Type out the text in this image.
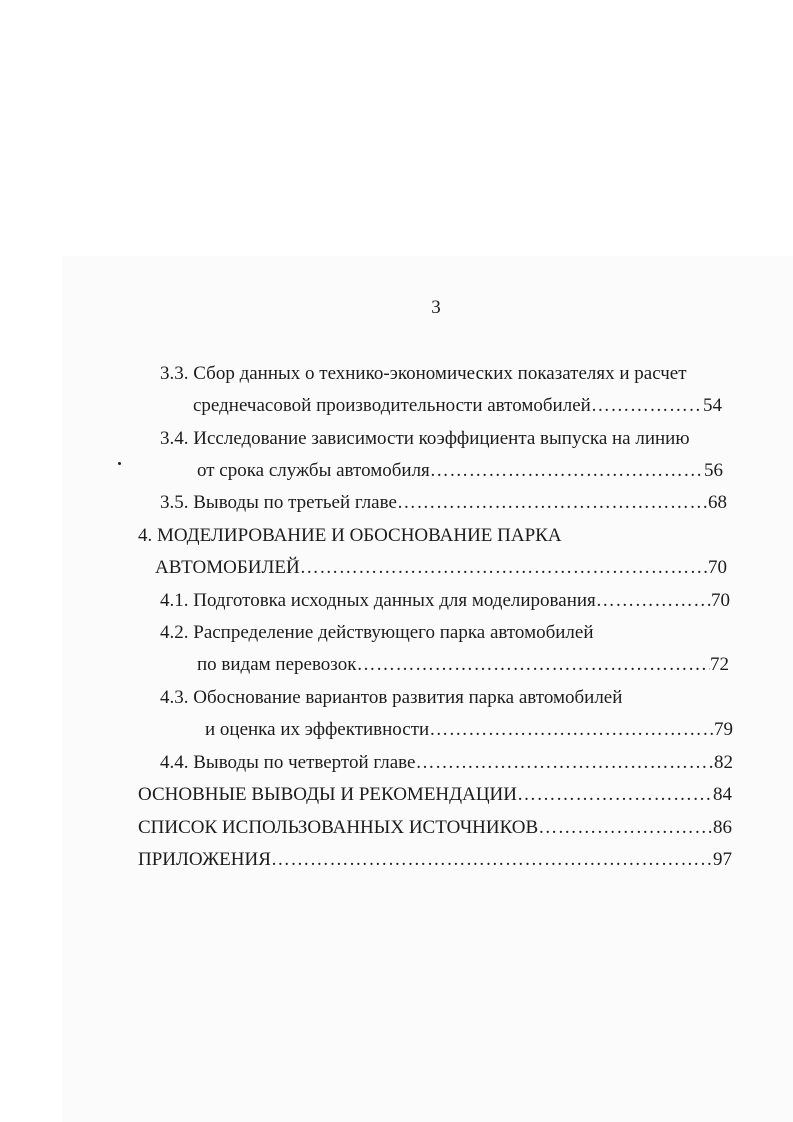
3
3.3. Сбор данных о технико-экономических показателях и расчет
среднечасовой производительности автомобилей …………………………………………………………………………………………………………………………………………………………	54
3.4. Исследование зависимости коэффициента выпуска на линию
от срока службы автомобиля …………………………………………………………………………………………………………………………………………………………	56
3.5. Выводы по третьей главе …………………………………………………………………………………………………………………………………………………………	68
4. МОДЕЛИРОВАНИЕ И ОБОСНОВАНИЕ ПАРКА
АВТОМОБИЛЕЙ …………………………………………………………………………………………………………………………………………………………	70
4.1. Подготовка исходных данных для моделирования …………………………………………………………………………………………………………………………………………………………	70
4.2. Распределение действующего парка автомобилей
по видам перевозок …………………………………………………………………………………………………………………………………………………………	72
4.3. Обоснование вариантов развития парка автомобилей
и оценка их эффективности …………………………………………………………………………………………………………………………………………………………	79
4.4. Выводы по четвертой главе …………………………………………………………………………………………………………………………………………………………	82
ОСНОВНЫЕ ВЫВОДЫ И РЕКОМЕНДАЦИИ …………………………………………………………………………………………………………………………………………………………	84
СПИСОК ИСПОЛЬЗОВАННЫХ ИСТОЧНИКОВ …………………………………………………………………………………………………………………………………………………………	86
ПРИЛОЖЕНИЯ …………………………………………………………………………………………………………………………………………………………	97
